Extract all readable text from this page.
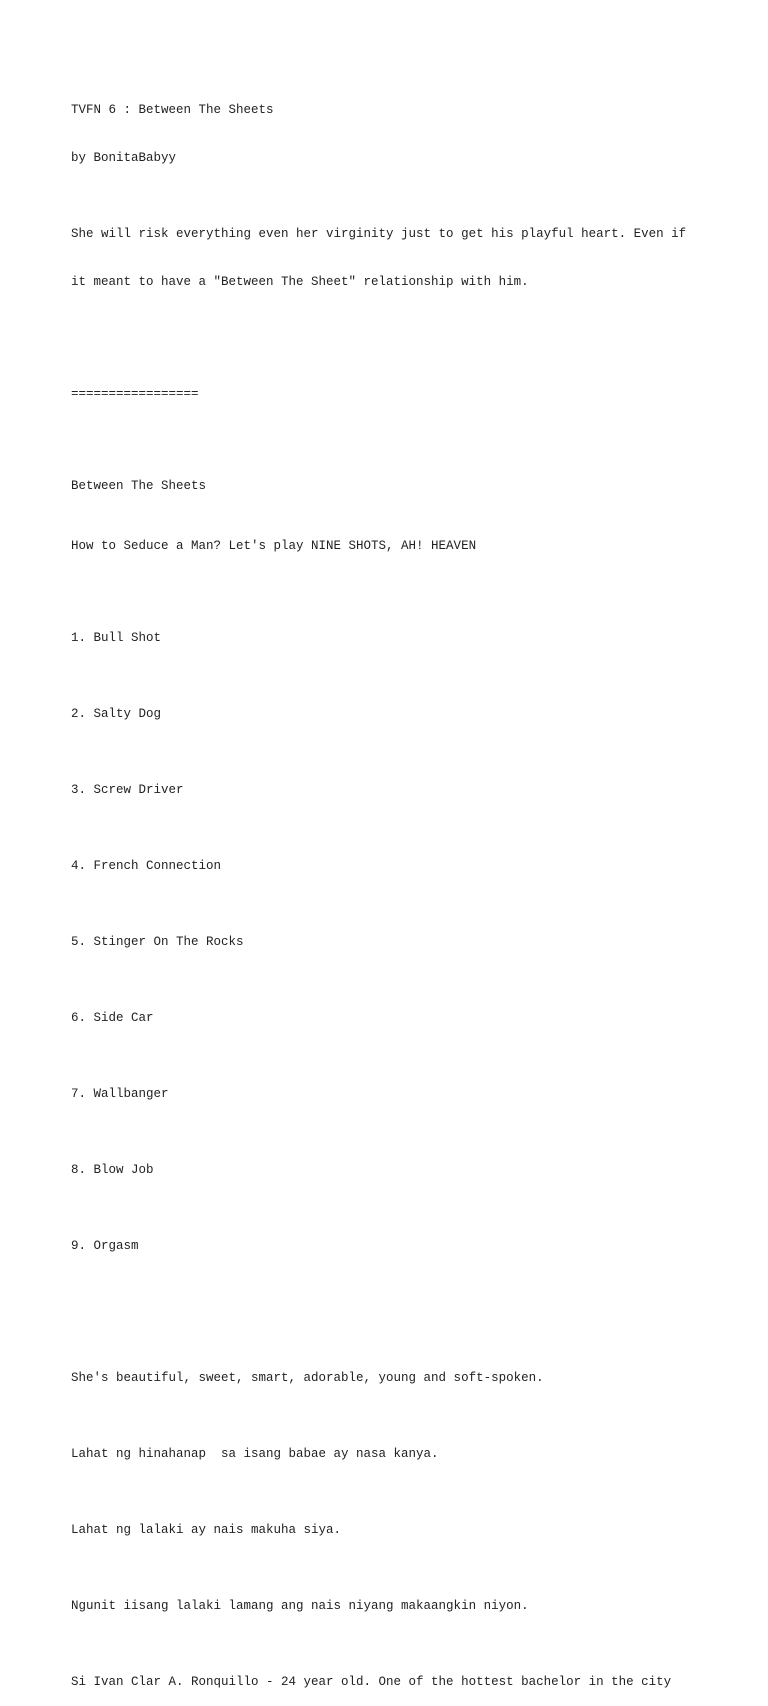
TVFN 6 : Between The Sheets

by BonitaBabyy

She will risk everything even her virginity just to get his playful heart. Even if

it meant to have a "Between The Sheet" relationship with him.

=================

Between The Sheets

How to Seduce a Man? Let's play NINE SHOTS, AH! HEAVEN

1. Bull Shot

2. Salty Dog

3. Screw Driver

4. French Connection

5. Stinger On The Rocks

6. Side Car

7. Wallbanger

8. Blow Job

9. Orgasm

She's beautiful, sweet, smart, adorable, young and soft-spoken.

Lahat ng hinahanap  sa isang babae ay nasa kanya.

Lahat ng lalaki ay nais makuha siya.

Ngunit iisang lalaki lamang ang nais niyang makaangkin niyon.

Si Ivan Clar A. Ronquillo - 24 year old. One of the hottest bachelor in the city
